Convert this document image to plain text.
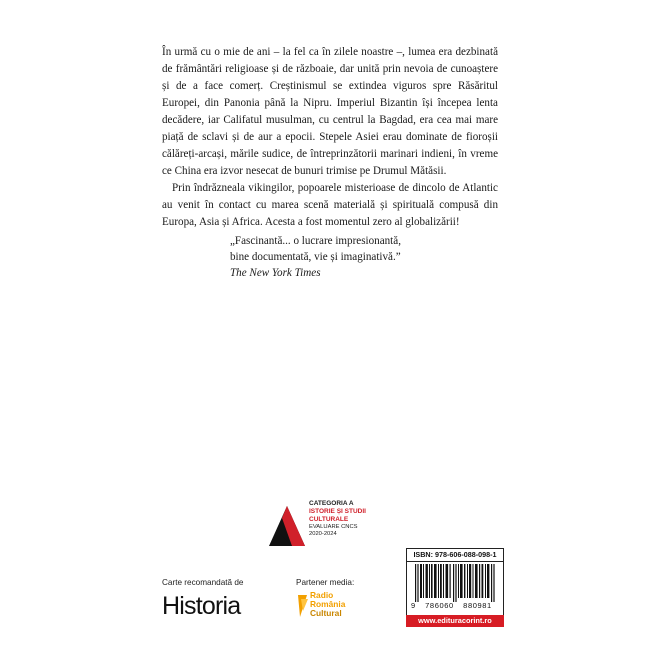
În urmă cu o mie de ani – la fel ca în zilele noastre –, lumea era dezbinată de frământări religioase și de războaie, dar unită prin nevoia de cunoaștere și de a face comerț. Creștinismul se extindea viguros spre Răsăritul Europei, din Panonia până la Nipru. Imperiul Bizantin își începea lenta decădere, iar Califatul musulman, cu centrul la Bagdad, era cea mai mare piață de sclavi și de aur a epocii. Stepele Asiei erau dominate de fioroșii călăreți-arcași, mările sudice, de întreprinzătorii marinari indieni, în vreme ce China era izvor nesecat de bunuri trimise pe Drumul Mătăsii.

Prin îndrăzneala vikingilor, popoarele misterioase de dincolo de Atlantic au venit în contact cu marea scenă materială și spirituală compusă din Europa, Asia și Africa. Acesta a fost momentul zero al globalizării!

„Fascinantă... o lucrare impresionantă,
bine documentată, vie și imaginativă.”
The New York Times
CATEGORIA A
ISTORIE ȘI STUDII
CULTURALE
EVALUARE CNCS
2020-2024
Carte recomandată de
Historia
Partener media:
Radio
România
Cultural
ISBN: 978-606-088-098-1
9 786060 880981
www.edituracorint.ro
